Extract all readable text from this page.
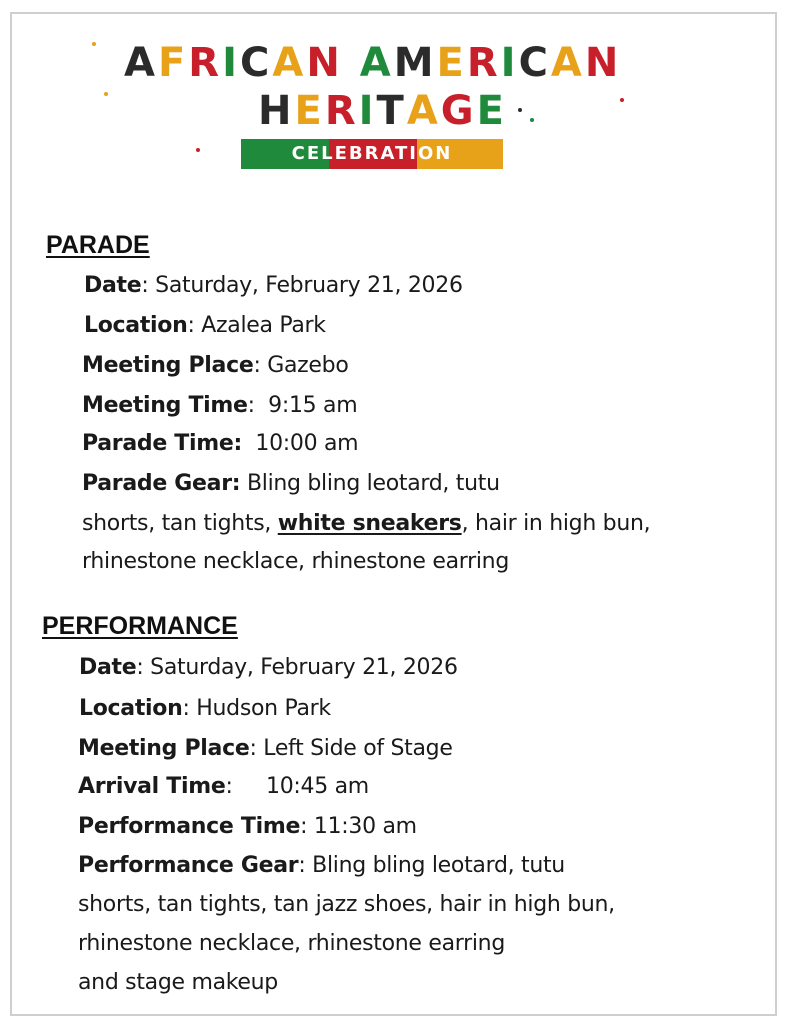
AFRICAN AMERICAN
HERITAGE
CELEBRATION
PARADE
Date: Saturday, February 21, 2026
Location: Azalea Park
Meeting Place: Gazebo
Meeting Time:  9:15 am
Parade Time:  10:00 am
Parade Gear: Bling bling leotard, tutu
shorts, tan tights, white sneakers, hair in high bun,
rhinestone necklace, rhinestone earring
PERFORMANCE
Date: Saturday, February 21, 2026
Location: Hudson Park
Meeting Place: Left Side of Stage
Arrival Time:     10:45 am
Performance Time: 11:30 am
Performance Gear: Bling bling leotard, tutu
shorts, tan tights, tan jazz shoes, hair in high bun,
rhinestone necklace, rhinestone earring
and stage makeup
